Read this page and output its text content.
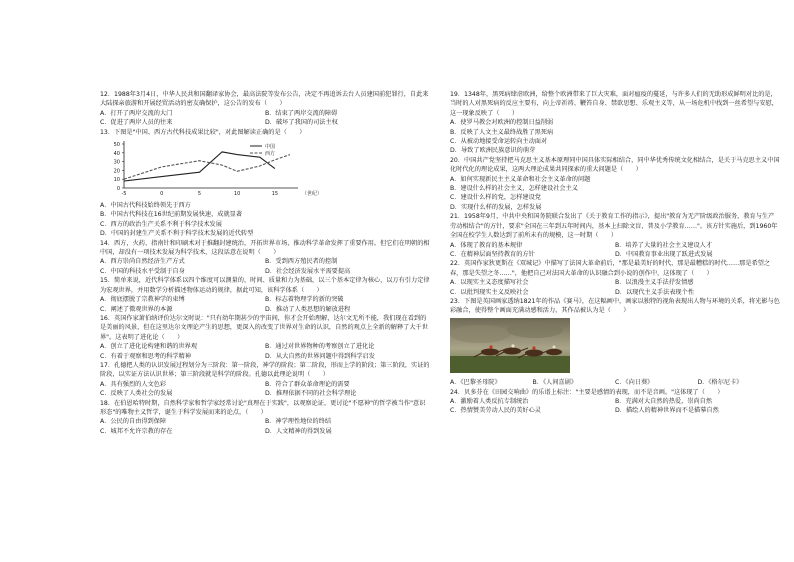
12．1988年3月4日，中华人民共和国翻译家协会，最高法院等发布公告，决定不再追诉去台人员建国前犯罪行，自此来大陆探亲旅游和开展经贸活动的密友确保护，这公告的发布（　　）

A．打开了两岸交流的大门	B．结束了两岸交流的障碍
C．促进了两岸人员的往来	D．破坏了我国的司法主权

13．下图是"中国、西方古代科技成果比较"，对此图解读正确的是（　　）

0
10
20
30
40
50
-5	0	5	10	15	（世纪）
中国
西方

A．中国古代科技始终领先于西方

B．中国古代科技在16世纪前期发展快速，成就显著

C．西方的政治生产关系不利于科学技术发展

D．中国的封建生产关系不利于科学技术发展的近代转型

14．西方，火药、指南针和印刷术对于推翻封建统治，开拓世界市场，推动科学革命发挥了重要作用。但它们在明朝的相中国，却没有一项技术发展为科学技术，这段话意在说明（　　）

A．西方崇尚自然经济生产方式	B．受到西方殖民者的控制
C．中国的科技水平受制于自身	D．社会经济发展水平需要提高

15．简单来说，近代科学体系以四个维度可以测量的，时间、质量和力为基础，以三个基本定律为核心，以万有引力定律为宏观世界，并用数学分析描述物体运动的规律，据此可知，该科学体系（　　）

A．彻底摆脱了宗教神学的束缚	B．标志着物理学的新的突破
C．阐述了微观世界的本源	D．推动了人类思想的解放进程

16．英国作家萧伯纳评价达尔文时说："只有幼年期甚少的宇宙间，你才会开始理解，达尔文无所不能，我们现在看到的是美丽的风景，但在这里达尔文理论产生的思想，更深入的改变了世界对生命的认识，自然的观点上全新的解释了大千世界"。这表明了进化论（　　）

A．创立了进化论构建和谐的世界观	B．通过对世界物种的考察创立了进化论
C．有着于观察和思考的科学精神	D．从大自然的世界问题中得到科学启发

17．孔德把人类的认识发展过程划分为三阶段：第一阶段，神学的阶段；第二阶段，形而上学的阶段；第三阶段，实证的阶段，以实证方法认识世界；第三阶段就是科学的阶段。孔德以此理论说明（　　）

A．具有强烈的人文色彩	B．符合了群众革命理论的需要
C．反映了人类社会的发展	D．推理依据不同的社会科学理论

18．在伯恩哈特时期，自然科学家和哲学家经常讨论"真理在于实践"，以观察论证，更讨论"不愿神"的哲学被当作"意识形态"的唯物主义哲学，诞生于科学发展而来的论点，（　　）

A．公民的自由得到保障	B．神学理性地位的终结
C．城邦不允许宗教的存在	D．人文精神的得到发展

19．1348年，黑死病肆虐欧洲，给整个欧洲带来了巨大灾难，面对瘟疫的蔓延，与许多人们的无助形成鲜明对比的是，当时的人对黑死病的反应主要有，向上帝祈祷、鞭笞自身、禁欲思想、乐观主义等，从一场危机中找到一丝希望与安慰，这一现象反映了（　　）

A．使罗马教会对欧洲的控制日益削弱

B．反映了人文主义最终战胜了黑死病

C．从被动地接受命运转向主动面对

D．导致了欧洲民族意识的萌芽

20．中国共产党坚持把马克思主义基本原理同中国具体实际相结合，同中华优秀传统文化相结合，是关于马克思主义中国化时代化的理论成果，这两大理论成果共同探索的重大问题是（　　）

A．如何实现新民主主义革命和社会主义革命的问题

B．建设什么样的社会主义，怎样建设社会主义

C．建设什么样的党，怎样建设党

D．实现什么样的发展，怎样发展

21．1958年9月，中共中央和国务院联合发出了《关于教育工作的指示》，提出"教育为无产阶级政治服务，教育与生产劳动相结合"的方针，要求"全国在三年到五年时间内，基本上扫除文盲，普及小学教育……"。该方针实施后，到1960年全国在校学生人数达到了前所未有的规模，这一时期（　　）

A．体现了教育的基本规律	B．培养了大量的社会主义建设人才
C．在精神层面坚持教育的方针	D．中国教育事业出现了跃进式发展

22．英国作家狄更斯在《双城记》中描写了法国大革命前后，"那是最美好的时代，那是最糟糕的时代……那是希望之春，那是失望之冬……"，他把自己对法国大革命的认识融合到小说的创作中，这体现了（　　）

A．以现实主义态度描写社会	B．以浪漫主义手法抒发情感
C．以批判现实主义反映社会	D．以现代主义手法表现个性

23．下图是英国画家透纳1821年的作品《赛马》，在这幅画中，画家以独特的视角表现出人物与环境的关系，将光影与色彩融合，使得整个画面充满动感和活力，其作品被认为是（　　）

A．《巴黎圣母院》	B．《人间喜剧》	C．《向日葵》	D．《格尔尼卡》

24．贝多芬在《田园交响曲》的乐谱上标注："主要是感情的表现，而不是音画。"这体现了（　　）

A．激励着人类反抗专制统治	B．充满对大自然的热爱，崇尚自然
C．热情赞美劳动人民的美好心灵	D．描绘人的精神世界而不是描摹自然
